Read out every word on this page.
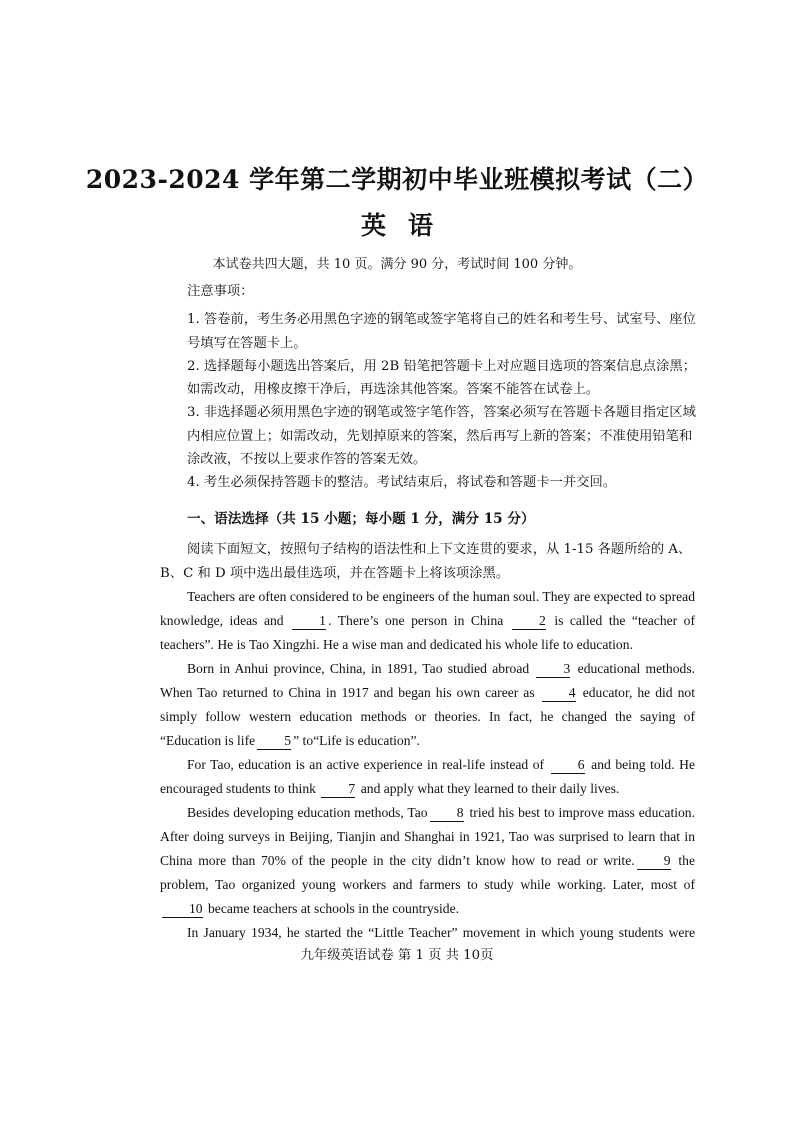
2023-2024 学年第二学期初中毕业班模拟考试（二）
英语
本试卷共四大题，共 10 页。满分 90 分，考试时间 100 分钟。

注意事项：

1. 答卷前，考生务必用黑色字迹的钢笔或签字笔将自己的姓名和考生号、试室号、座位号填写在答题卡上。

2. 选择题每小题选出答案后，用 2B 铅笔把答题卡上对应题目选项的答案信息点涂黑；如需改动，用橡皮擦干净后，再选涂其他答案。答案不能答在试卷上。

3. 非选择题必须用黑色字迹的钢笔或签字笔作答，答案必须写在答题卡各题目指定区域内相应位置上；如需改动，先划掉原来的答案，然后再写上新的答案；不准使用铅笔和涂改液，不按以上要求作答的答案无效。

4. 考生必须保持答题卡的整洁。考试结束后，将试卷和答题卡一并交回。

一、语法选择（共 15 小题；每小题 1 分，满分 15 分）

阅读下面短文，按照句子结构的语法性和上下文连贯的要求，从 1-15 各题所给的 A、B、C 和 D 项中选出最佳选项，并在答题卡上将该项涂黑。

Teachers are often considered to be engineers of the human soul. They are expected to spread knowledge, ideas and	1 . There’s one person in China	2 is called the “teacher of teachers”. He is Tao Xingzhi. He a wise man and dedicated his whole life to education.

Born in Anhui province, China, in 1891, Tao studied abroad	3 educational methods. When Tao returned to China in 1917 and began his own career as	4 educator, he did not simply follow western education methods or theories. In fact, he changed the saying of “Education is life 5 ” to“Life is education”.

For Tao, education is an active experience in real-life instead of 6 and being told. He encouraged students to think 7 and apply what they learned to their daily lives.

Besides developing education methods, Tao 8 tried his best to improve mass education. After doing surveys in Beijing, Tianjin and Shanghai in 1921, Tao was surprised to learn that in China more than 70% of the people in the city didn’t know how to read or write. 9 the problem, Tao organized young workers and farmers to study while working. Later, most of 10 became teachers at schools in the countryside.

In January 1934, he started the “Little Teacher” movement in which young students were

九年级英语试卷 第 1 页 共 10页
